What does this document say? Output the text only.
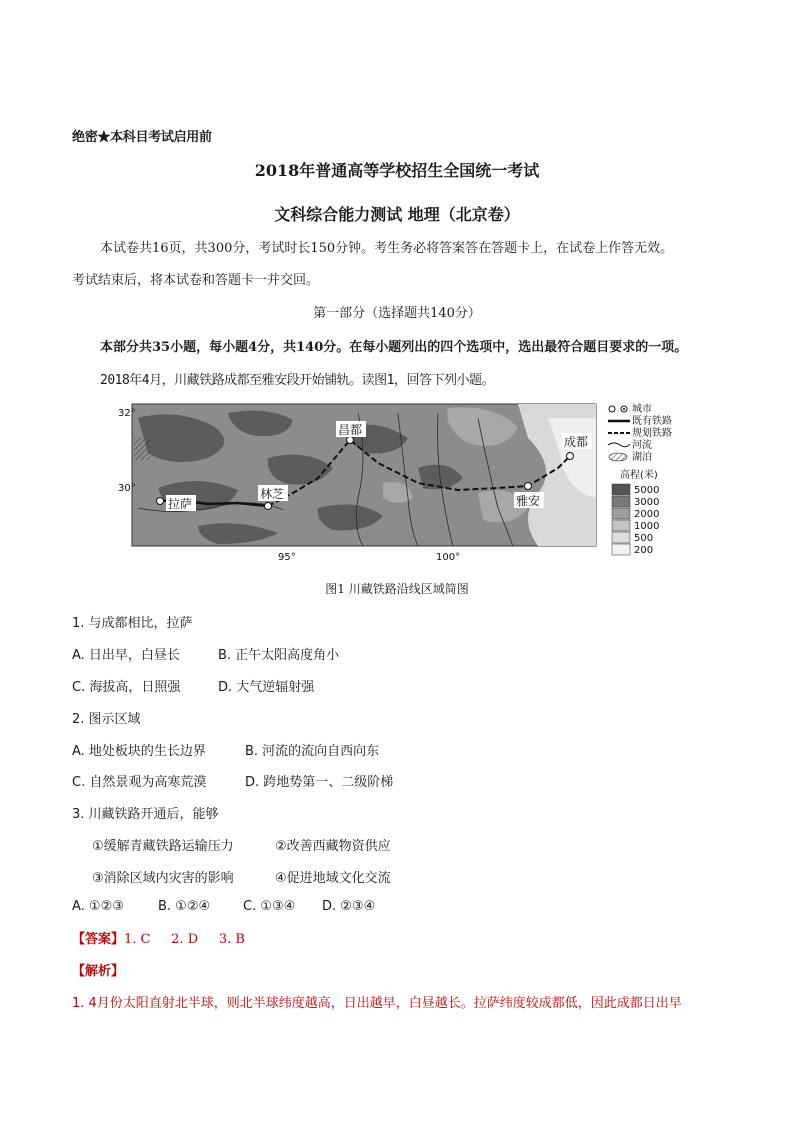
绝密★本科目考试启用前
2018年普通高等学校招生全国统一考试
文科综合能力测试 地理（北京卷）
本试卷共16页，共300分，考试时长150分钟。考生务必将答案答在答题卡上，在试卷上作答无效。
考试结束后，将本试卷和答题卡一并交回。
第一部分（选择题共140分）
本部分共35小题，每小题4分，共140分。在每小题列出的四个选项中，选出最符合题目要求的一项。
2018年4月，川藏铁路成都至雅安段开始铺轨。读图1，回答下列小题。
拉萨
林芝
昌都
成都
雅安
32°
30°
95°	100°
城市
既有铁路
规划铁路
河流
湖泊
高程(米)
5000
3000
2000
1000
500
200
图1 川藏铁路沿线区域简图
1. 与成都相比，拉萨
A. 日出早，白昼长	B. 正午太阳高度角小
C. 海拔高，日照强	D. 大气逆辐射强
2. 图示区域
A. 地处板块的生长边界	B. 河流的流向自西向东
C. 自然景观为高寒荒漠	D. 跨地势第一、二级阶梯
3. 川藏铁路开通后，能够
①缓解青藏铁路运输压力	②改善西藏物资供应
③消除区域内灾害的影响	④促进地域文化交流
A. ①②③	B. ①②④	C. ①③④ D. ②③④
【答案】1. C 2. D 3. B
【解析】
1. 4月份太阳直射北半球，则北半球纬度越高，日出越早，白昼越长。拉萨纬度较成都低，因此成都日出早
